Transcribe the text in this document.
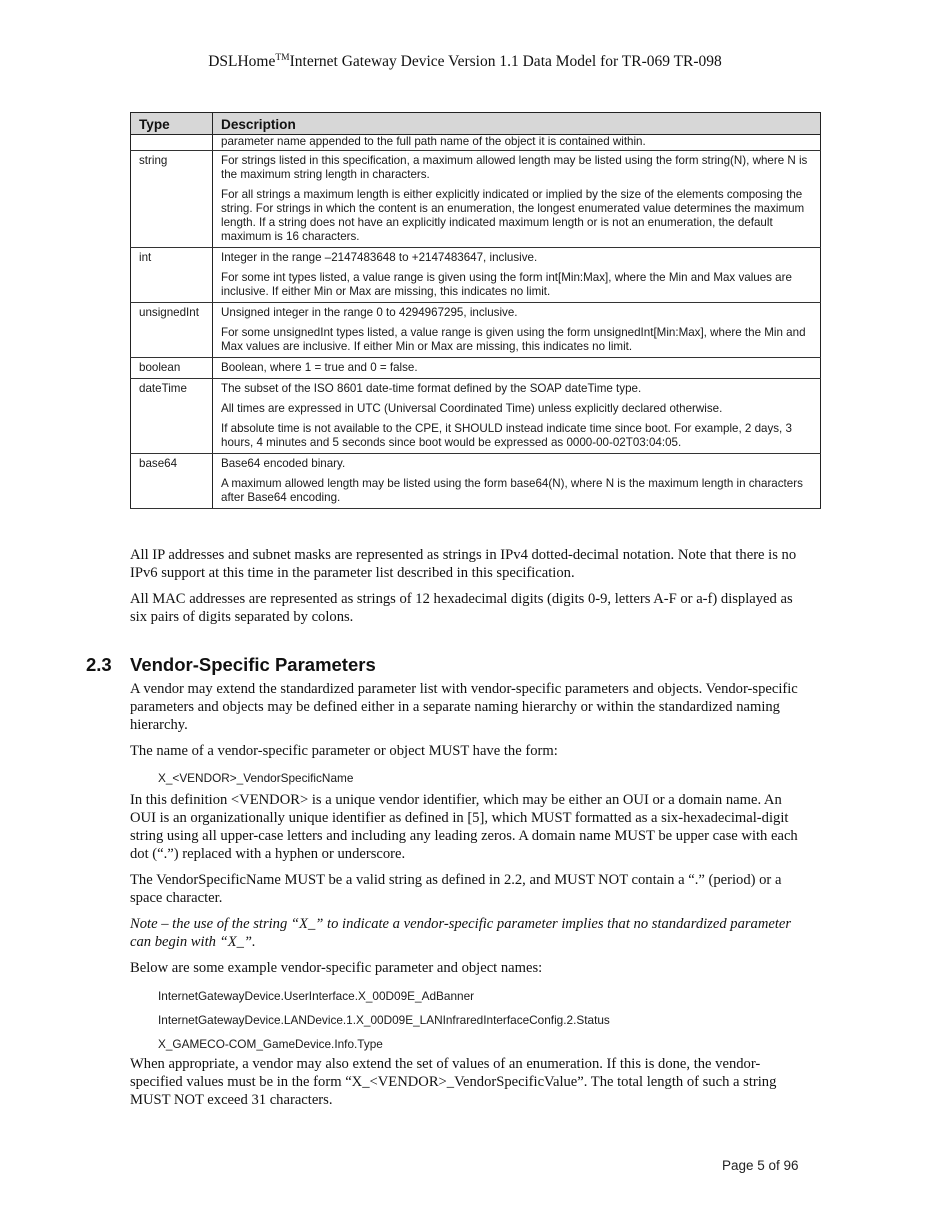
DSLHome™Internet Gateway Device Version 1.1 Data Model for TR-069 TR-098
Type	Description

	parameter name appended to the full path name of the object it is contained within.

string	For strings listed in this specification, a maximum allowed length may be listed using the form string(N), where N is the maximum string length in characters.

For all strings a maximum length is either explicitly indicated or implied by the size of the elements composing the string. For strings in which the content is an enumeration, the longest enumerated value determines the maximum length. If a string does not have an explicitly indicated maximum length or is not an enumeration, the default maximum is 16 characters.

int	Integer in the range –2147483648 to +2147483647, inclusive.

For some int types listed, a value range is given using the form int[Min:Max], where the Min and Max values are inclusive. If either Min or Max are missing, this indicates no limit.

unsignedInt	Unsigned integer in the range 0 to 4294967295, inclusive.

For some unsignedInt types listed, a value range is given using the form unsignedInt[Min:Max], where the Min and Max values are inclusive. If either Min or Max are missing, this indicates no limit.

boolean	Boolean, where 1 = true and 0 = false.

dateTime	The subset of the ISO 8601 date-time format defined by the SOAP dateTime type.

All times are expressed in UTC (Universal Coordinated Time) unless explicitly declared otherwise.

If absolute time is not available to the CPE, it SHOULD instead indicate time since boot. For example, 2 days, 3 hours, 4 minutes and 5 seconds since boot would be expressed as 0000-00-02T03:04:05.

base64	Base64 encoded binary.

A maximum allowed length may be listed using the form base64(N), where N is the maximum length in characters after Base64 encoding.

All IP addresses and subnet masks are represented as strings in IPv4 dotted-decimal notation. Note that there is no IPv6 support at this time in the parameter list described in this specification.

All MAC addresses are represented as strings of 12 hexadecimal digits (digits 0-9, letters A-F or a-f) displayed as six pairs of digits separated by colons.

2.3 Vendor-Specific Parameters

A vendor may extend the standardized parameter list with vendor-specific parameters and objects. Vendor-specific parameters and objects may be defined either in a separate naming hierarchy or within the standardized naming hierarchy.

The name of a vendor-specific parameter or object MUST have the form:

X_<VENDOR>_VendorSpecificName

In this definition <VENDOR> is a unique vendor identifier, which may be either an OUI or a domain name. An OUI is an organizationally unique identifier as defined in [5], which MUST formatted as a six-hexadecimal-digit string using all upper-case letters and including any leading zeros. A domain name MUST be upper case with each dot (“.”) replaced with a hyphen or underscore.

The VendorSpecificName MUST be a valid string as defined in 2.2, and MUST NOT contain a “.” (period) or a space character.

Note – the use of the string “X_” to indicate a vendor-specific parameter implies that no standardized parameter can begin with “X_”.

Below are some example vendor-specific parameter and object names:

InternetGatewayDevice.UserInterface.X_00D09E_AdBanner
InternetGatewayDevice.LANDevice.1.X_00D09E_LANInfraredInterfaceConfig.2.Status
X_GAMECO-COM_GameDevice.Info.Type

When appropriate, a vendor may also extend the set of values of an enumeration. If this is done, the vendor-specified values must be in the form “X_<VENDOR>_VendorSpecificValue”. The total length of such a string MUST NOT exceed 31 characters.

Page 5 of 96
